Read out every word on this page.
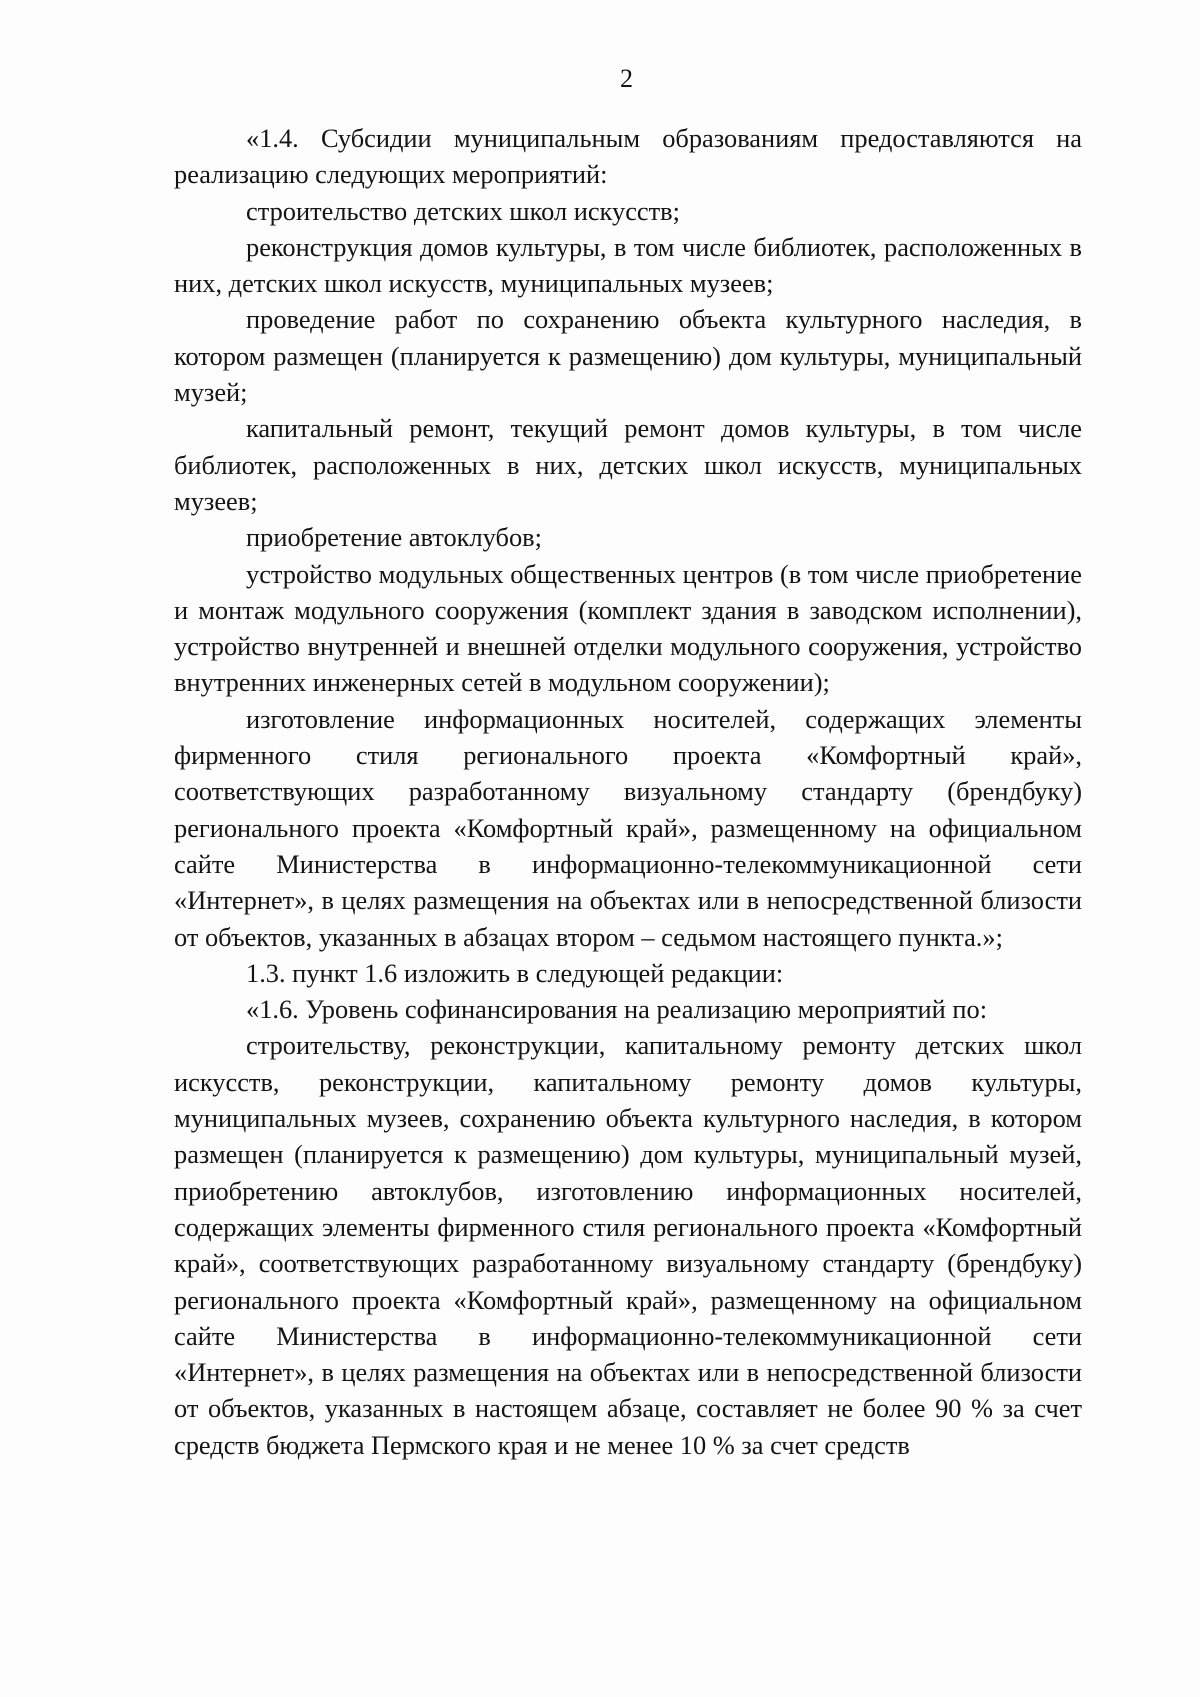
2

«1.4. Субсидии муниципальным образованиям предоставляются на реализацию следующих мероприятий:

строительство детских школ искусств;

реконструкция домов культуры, в том числе библиотек, расположенных в них, детских школ искусств, муниципальных музеев;

проведение работ по сохранению объекта культурного наследия, в котором размещен (планируется к размещению) дом культуры, муниципальный музей;

капитальный ремонт, текущий ремонт домов культуры, в том числе библиотек, расположенных в них, детских школ искусств, муниципальных музеев;

приобретение автоклубов;

устройство модульных общественных центров (в том числе приобретение и монтаж модульного сооружения (комплект здания в заводском исполнении), устройство внутренней и внешней отделки модульного сооружения, устройство внутренних инженерных сетей в модульном сооружении);

изготовление информационных носителей, содержащих элементы фирменного стиля регионального проекта «Комфортный край», соответствующих разработанному визуальному стандарту (брендбуку) регионального проекта «Комфортный край», размещенному на официальном сайте Министерства в информационно-телекоммуникационной сети «Интернет», в целях размещения на объектах или в непосредственной близости от объектов, указанных в абзацах втором – седьмом настоящего пункта.»;

1.3. пункт 1.6 изложить в следующей редакции:

«1.6. Уровень софинансирования на реализацию мероприятий по:

строительству, реконструкции, капитальному ремонту детских школ искусств, реконструкции, капитальному ремонту домов культуры, муниципальных музеев, сохранению объекта культурного наследия, в котором размещен (планируется к размещению) дом культуры, муниципальный музей, приобретению автоклубов, изготовлению информационных носителей, содержащих элементы фирменного стиля регионального проекта «Комфортный край», соответствующих разработанному визуальному стандарту (брендбуку) регионального проекта «Комфортный край», размещенному на официальном сайте Министерства в информационно-телекоммуникационной сети «Интернет», в целях размещения на объектах или в непосредственной близости от объектов, указанных в настоящем абзаце, составляет не более 90 % за счет средств бюджета Пермского края и не менее 10 % за счет средств
